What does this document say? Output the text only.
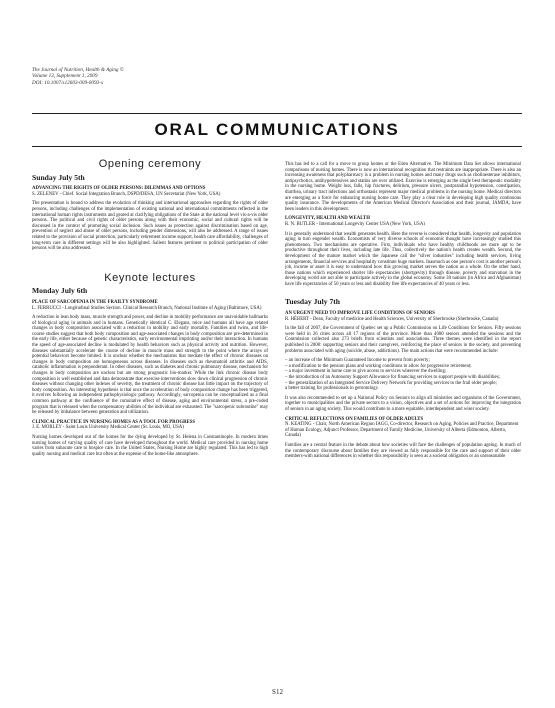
The Journal of Nutrition, Health & Aging ©
Volume 13, Supplement 1, 2009
DOI: 10.1007/s12603-009-0093-x
ORAL COMMUNICATIONS
Opening ceremony
Sunday July 5th

ADVANCING THE RIGHTS OF OLDER PERSONS: DILEMMAS AND OPTIONS

S. ZELENEV - Chief. Social Integration Branch, DSPD/DESA, UN Secretariat (New York, USA)

The presentation is bound to address the evolution of thinking and international approaches regarding the rights of older persons, including challenges of the implementation of existing national and international commitments reflected in the international human rights instruments and geared at clarifying obligations of the State at the national level vis-a-vis older persons. The political and civil rights of older persons along with their economic, social and cultural rights will be discussed in the context of promoting social inclusion. Such issues as protection against discrimination based on age, prevention of neglect and abuse of older persons, including gender dimensions, will also be addressed. A range of issues related to the provision of social protection, particularly retirement income support, health care affordability, challenges of long-term care in different settings will be also highlighted. Salient features pertinent to political participation of older persons will be also addressed.

Keynote lectures
Monday July 6th

PLACE OF SARCOPENIA IN THE FRAILTY SYNDROME

L. FERRUCCI - Longitudinal Studies Section. Clinical Research Branch, National Institute of Aging (Baltimore, USA)

A reduction in lean body mass, muscle strength and power, and decline in mobility performance are unavoidable hallmarks of biological aging in animals and in humans. Genetically identical C. Elegans, mice and humans all have age related changes in body composition associated with a reduction in mobility and early mortality. Families and twins, and life-course studies suggest that both body composition and age-associated changes in body composition are pre-determined in the early life, either because of genetic characteristics, early environmental imprinting and/or their interaction. In humans the speed of age-associated decline is modulated by health behaviors such as physical activity and nutrition. However, diseases substantially accelerate the course of decline in muscle mass and strength to the point where the arrays of potential behaviors become limited. It is unclear whether the mechanisms that mediate the effect of chronic diseases on changes in body composition are homogeneous across diseases. In diseases such as rheumatoid arthritis and AIDS, catabolic inflammation is preponderant. In other diseases, such as diabetes and chronic pulmonary disease, mechanism for changes in body composition are unclear but are strong prognostic bio-marker. While the link chronic disease body composition is well established and data demonstrate that exercise interventions slow down clinical progression of chronic diseases without changing other indexes of severity, the treatment of chronic disease has little impact on the trajectory of body composition. An interesting hypothesis is that once the acceleration of body composition change has been triggered, it evolves following an independent pathophysiologic pathway. Accordingly, sarcopenia can be conceptualized as a final common pathway at the confluence of the cumulative effect of disease, aging and environmental stress, a pre-coded program that is released when the compensatory abilities of the individual are exhausted. The "sarcopenic subroutine" may be released by imbalance between generation and utilization.

CLINICAL PRACTICE IN NURSING HOMES AS A TOOL FOR PROGRESS

J. E. MORLEY - Saint Louis University Medical Center (St. Louis, MO, USA)

Nursing homes developed out of the homes for the dying developed by St. Helena in Constantinople. In modern times nursing homes of varying quality of care have developed throughout the world. Medical care provided in nursing home varies from subacute care to hospice care. In the United States, Nursing Home are highly regulated. This has led to high quality nursing and medical care but often at the expense of the home-like atmosphere.

This has led to a call for a move to group homes or the Eden Alternative. The Minimum Data Set allows international comparisons of nursing homes. There is now an international recognition that restraints are inappropriate. There is also an increasing awareness that polypharmacy is a problem in nursing homes and many drugs such as cholinesterase inhibitors, antipsychotics, antihypertensives and statins are over utilized. Exercise is emerging as the single best therapeutic modality in the nursing home. Weight loss, falls, hip fractures, delirium, pressure ulcers, postprandial hypotension, constipation, diarrhea, urinary tract infections and orthostasis represent major medical problems in the nursing home. Medical directors are emerging as a force for enhancing nursing home care. They play a clear role in developing high quality continuous quality insurance. The developments of the American Medical Director's Association and their journal, JAMDA, have been leaders in this development.

LONGEVITY, HEALTH AND WEALTH

R. N. BUTLER - International Longevity Center USA (New York, USA)

It is generally understood that wealth generates health. Here the reverse is considered that health, longevity and population aging in turn engender wealth. Economists of very diverse schools of economic thought have increasingly studied this phenomenon. Two mechanisms are operative. First, individuals who have healthy childhoods are more apt to be productive throughout their lives, including late life. Thus, collectively the nation's health creates wealth. Second, the development of the mature market which the Japanese call the "silver industries" including health services, living arrangements, financial services and hospitality constitute huge markets. Inasmuch as one person's cost is another person's job, income or asset it is easy to understand how this growing market serves the nation as a whole. On the other hand, those nations which experienced shorter life expectancies (shortgevity) through disease, poverty and starvation in the developing world are not able to participate actively in the global economy. Some 30 nations (in Africa and Afghanistan) have life expectancies of 50 years or less and disability free life expectancies of 40 years or less.

Tuesday July 7th

AN URGENT NEED TO IMPROVE LIFE CONDITIONS OF SENIORS

R. HÉBERT - Dean, Faculty of medicine and Health Sciences, University of Sherbrooke (Sherbrooke, Canada)

In the fall of 2007, the Government of Quebec set up a Public Commission on Life Conditions for Seniors. Fifty sessions were held in 26 cities across all 17 regions of the province. More than 4000 seniors attended the sessions and the Commission collected also 273 briefs from scientists and associations. Three themes were identified in the report published in 2008: supporting seniors and their caregivers, reinforcing the place of seniors in the society, and preventing problems associated with aging (suicide, abuse, addictions). The main actions that were recommended include:

– an increase of the Minimum Guaranteed Income to prevent from poverty;
– a modification to the pension plans and working conditions to allow for progressive retirement;
– a major investment in home care to give access to services wherever the dwelling;
– the introduction of an Autonomy Support Allowance for financing services to support people with disabilities;
– the generalization of an Integrated Service Delivery Network for providing services to the frail older people;
a better training for professionals in gerontology.

It was also recommended to set up a National Policy on Seniors to align all ministries and organisms of the Government, together to municipalities and the private sectors to a vision, objectives and a set of actions for improving the integration of seniors in an aging society. This would contribute to a more equitable, interdependent and wiser society.

CRITICAL REFLECTIONS ON FAMILIES OF OLDER ADULTS

N. KEATING - Chair, North American Region IAGG, Co-director, Research on Aging, Policies and Practice, Department of Human Ecology, Adjunct Professor, Department of Family Medicine, University of Alberta (Edmonton, Alberta, Canada)

Families are a central feature in the debate about how societies will face the challenges of population ageing. In much of the contemporary discourse about families they are viewed as fully responsible for the care and support of their older members-with national differences in whether this responsibility is seen as a societal obligation or an unreasonable

S12
